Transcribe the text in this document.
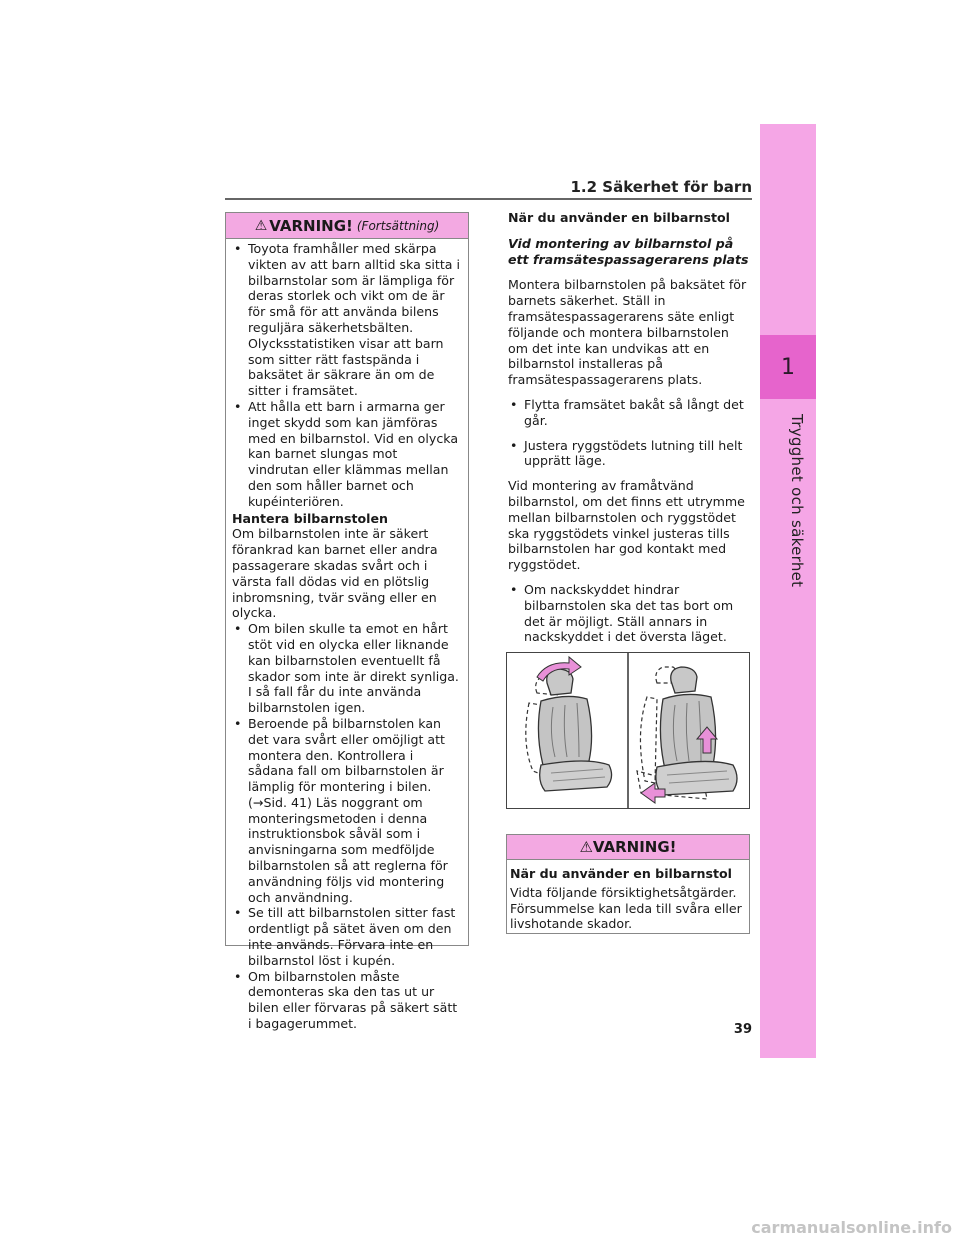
1.2 Säkerhet för barn
1
Trygghet och säkerhet
⚠ VARNING! (Fortsättning)
• Toyota framhåller med skärpa vikten av att barn alltid ska sitta i bilbarnstolar som är lämpliga för deras storlek och vikt om de är för små för att använda bilens reguljära säkerhetsbälten. Olycksstatistiken visar att barn som sitter rätt fastspända i baksätet är säkrare än om de sitter i framsätet.
• Att hålla ett barn i armarna ger inget skydd som kan jämföras med en bilbarnstol. Vid en olycka kan barnet slungas mot vindrutan eller klämmas mellan den som håller barnet och kupéinteriören.

Hantera bilbarnstolen

Om bilbarnstolen inte är säkert förankrad kan barnet eller andra passagerare skadas svårt och i värsta fall dödas vid en plötslig inbromsning, tvär sväng eller en olycka.

• Om bilen skulle ta emot en hårt stöt vid en olycka eller liknande kan bilbarnstolen eventuellt få skador som inte är direkt synliga. I så fall får du inte använda bilbarnstolen igen.
• Beroende på bilbarnstolen kan det vara svårt eller omöjligt att montera den. Kontrollera i sådana fall om bilbarnstolen är lämplig för montering i bilen. (→Sid. 41) Läs noggrant om monteringsmetoden i denna instruktionsbok såväl som i anvisningarna som medföljde bilbarnstolen så att reglerna för användning följs vid montering och användning.
• Se till att bilbarnstolen sitter fast ordentligt på sätet även om den inte används. Förvara inte en bilbarnstol löst i kupén.
• Om bilbarnstolen måste demonteras ska den tas ut ur bilen eller förvaras på säkert sätt i bagagerummet.

När du använder en bilbarnstol

Vid montering av bilbarnstol på ett framsätespassagerarens plats

Montera bilbarnstolen på baksätet för barnets säkerhet. Ställ in framsätespassagerarens säte enligt följande och montera bilbarnstolen om det inte kan undvikas att en bilbarnstol installeras på framsätespassagerarens plats.

• Flytta framsätet bakåt så långt det går.
• Justera ryggstödets lutning till helt upprätt läge.

Vid montering av framåtvänd bilbarnstol, om det finns ett utrymme mellan bilbarnstolen och ryggstödet ska ryggstödets vinkel justeras tills bilbarnstolen har god kontakt med ryggstödet.

• Om nackskyddet hindrar bilbarnstolen ska det tas bort om det är möjligt. Ställ annars in nackskyddet i det översta läget.
⚠ VARNING!

När du använder en bilbarnstol

Vidta följande försiktighetsåtgärder. Försummelse kan leda till svåra eller livshotande skador.

39
carmanualsonline.info
